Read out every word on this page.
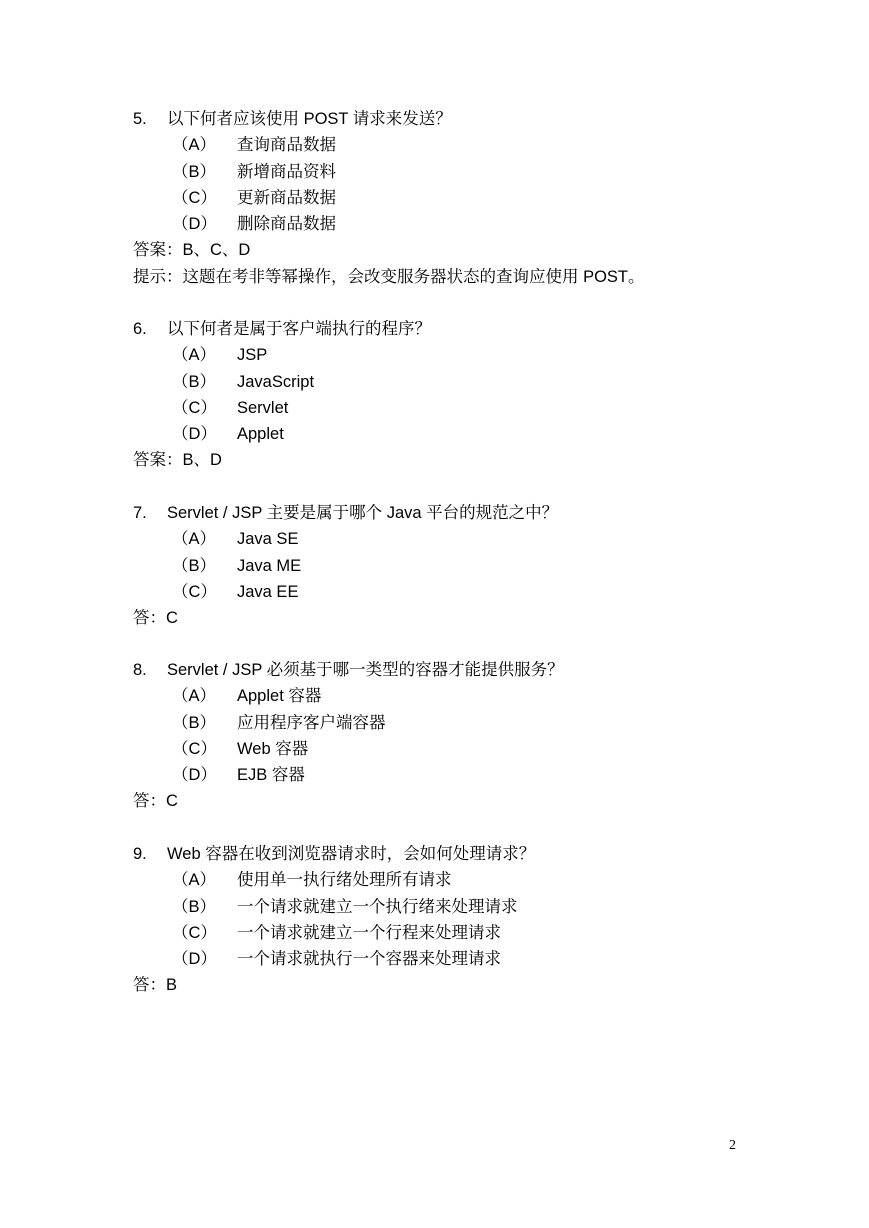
5. 以下何者应该使用 POST 请求来发送？
（A） 查询商品数据
（B） 新增商品资料
（C） 更新商品数据
（D） 删除商品数据
答案：B、C、D
提示：这题在考非等幂操作，会改变服务器状态的查询应使用 POST。
6. 以下何者是属于客户端执行的程序？
（A） JSP
（B） JavaScript
（C） Servlet
（D） Applet
答案：B、D
7. Servlet / JSP 主要是属于哪个 Java 平台的规范之中？
（A） Java SE
（B） Java ME
（C） Java EE
答：C
8. Servlet / JSP 必须基于哪一类型的容器才能提供服务？
（A） Applet 容器
（B） 应用程序客户端容器
（C） Web 容器
（D） EJB 容器
答：C
9. Web 容器在收到浏览器请求时，会如何处理请求？
（A） 使用单一执行绪处理所有请求
（B） 一个请求就建立一个执行绪来处理请求
（C） 一个请求就建立一个行程来处理请求
（D） 一个请求就执行一个容器来处理请求
答：B
2
